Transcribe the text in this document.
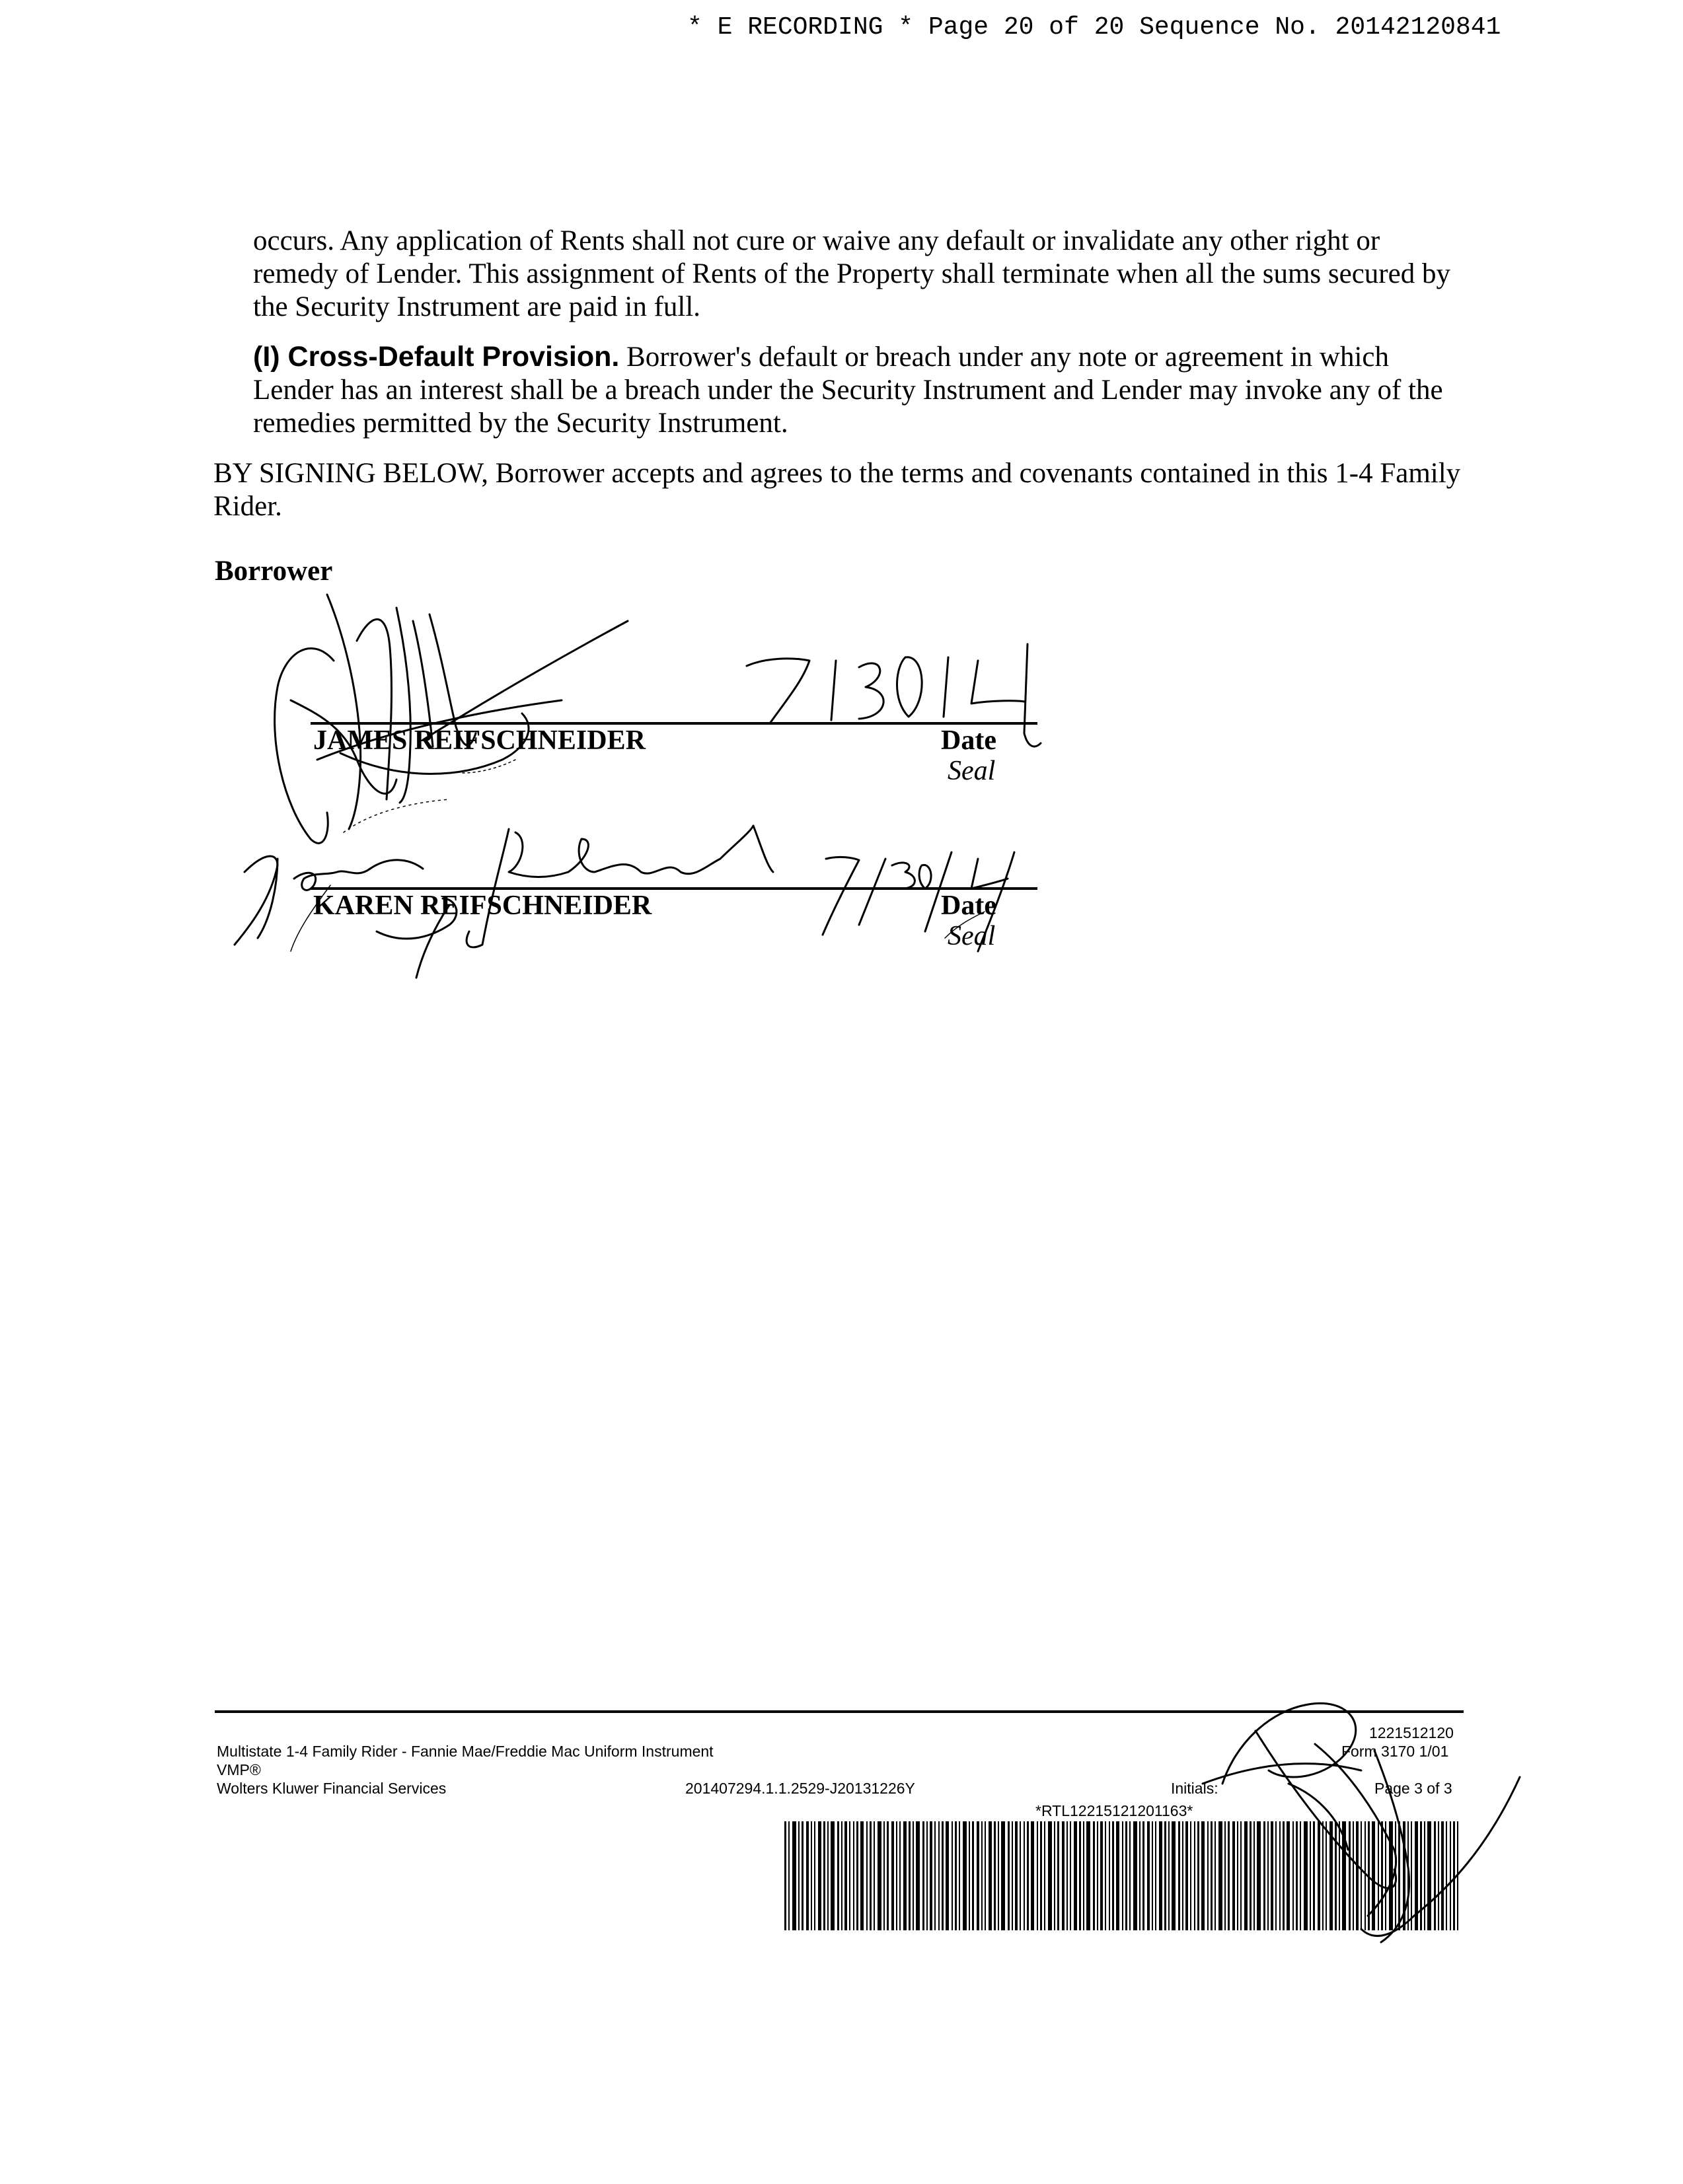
* E RECORDING * Page 20 of 20 Sequence No. 20142120841
occurs. Any application of Rents shall not cure or waive any default or invalidate any other right or remedy of Lender. This assignment of Rents of the Property shall terminate when all the sums secured by the Security Instrument are paid in full.
(I) Cross-Default Provision. Borrower's default or breach under any note or agreement in which Lender has an interest shall be a breach under the Security Instrument and Lender may invoke any of the remedies permitted by the Security Instrument.
BY SIGNING BELOW, Borrower accepts and agrees to the terms and covenants contained in this 1-4 Family Rider.
Borrower
JAMES REIFSCHNEIDER	Date
Seal
KAREN REIFSCHNEIDER	Date
Seal
Multistate 1-4 Family Rider - Fannie Mae/Freddie Mac Uniform Instrument
VMP®
Wolters Kluwer Financial Services	201407294.1.1.2529-J20131226Y	Initials:
1221512120
Form 3170 1/01
Page 3 of 3
*RTL12215121201163*
